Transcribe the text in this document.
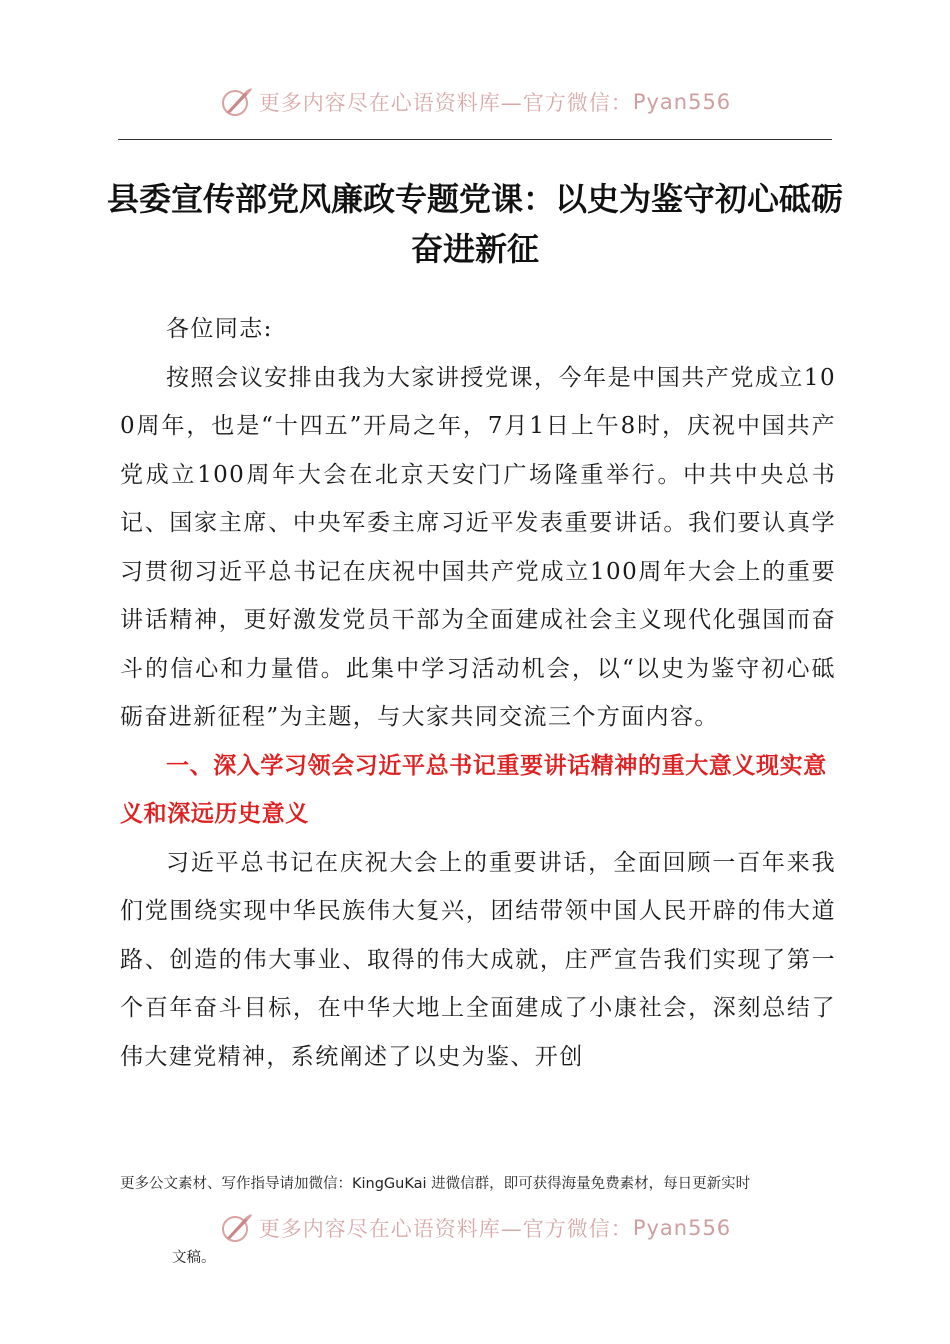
更多内容尽在心语资料库—官方微信： Pyan556
县委宣传部党风廉政专题党课：以史为鉴守初心砥砺奋进新征

各位同志:

按照会议安排由我为大家讲授党课，今年是中国共产党成立100周年，也是“十四五”开局之年，7月1日上午8时，庆祝中国共产党成立100周年大会在北京天安门广场隆重举行。中共中央总书记、国家主席、中央军委主席习近平发表重要讲话。我们要认真学习贯彻习近平总书记在庆祝中国共产党成立100周年大会上的重要讲话精神，更好激发党员干部为全面建成社会主义现代化强国而奋斗的信心和力量借。此集中学习活动机会，以“以史为鉴守初心砥砺奋进新征程”为主题，与大家共同交流三个方面内容。

一、深入学习领会习近平总书记重要讲话精神的重大意义现实意义和深远历史意义

习近平总书记在庆祝大会上的重要讲话，全面回顾一百年来我们党围绕实现中华民族伟大复兴，团结带领中国人民开辟的伟大道路、创造的伟大事业、取得的伟大成就，庄严宣告我们实现了第一个百年奋斗目标，在中华大地上全面建成了小康社会，深刻总结了伟大建党精神，系统阐述了以史为鉴、开创

更多公文素材、写作指导请加微信：KingGuKai 进微信群，即可获得海量免费素材，每日更新实时
更多内容尽在心语资料库—官方微信： Pyan556
文稿。
